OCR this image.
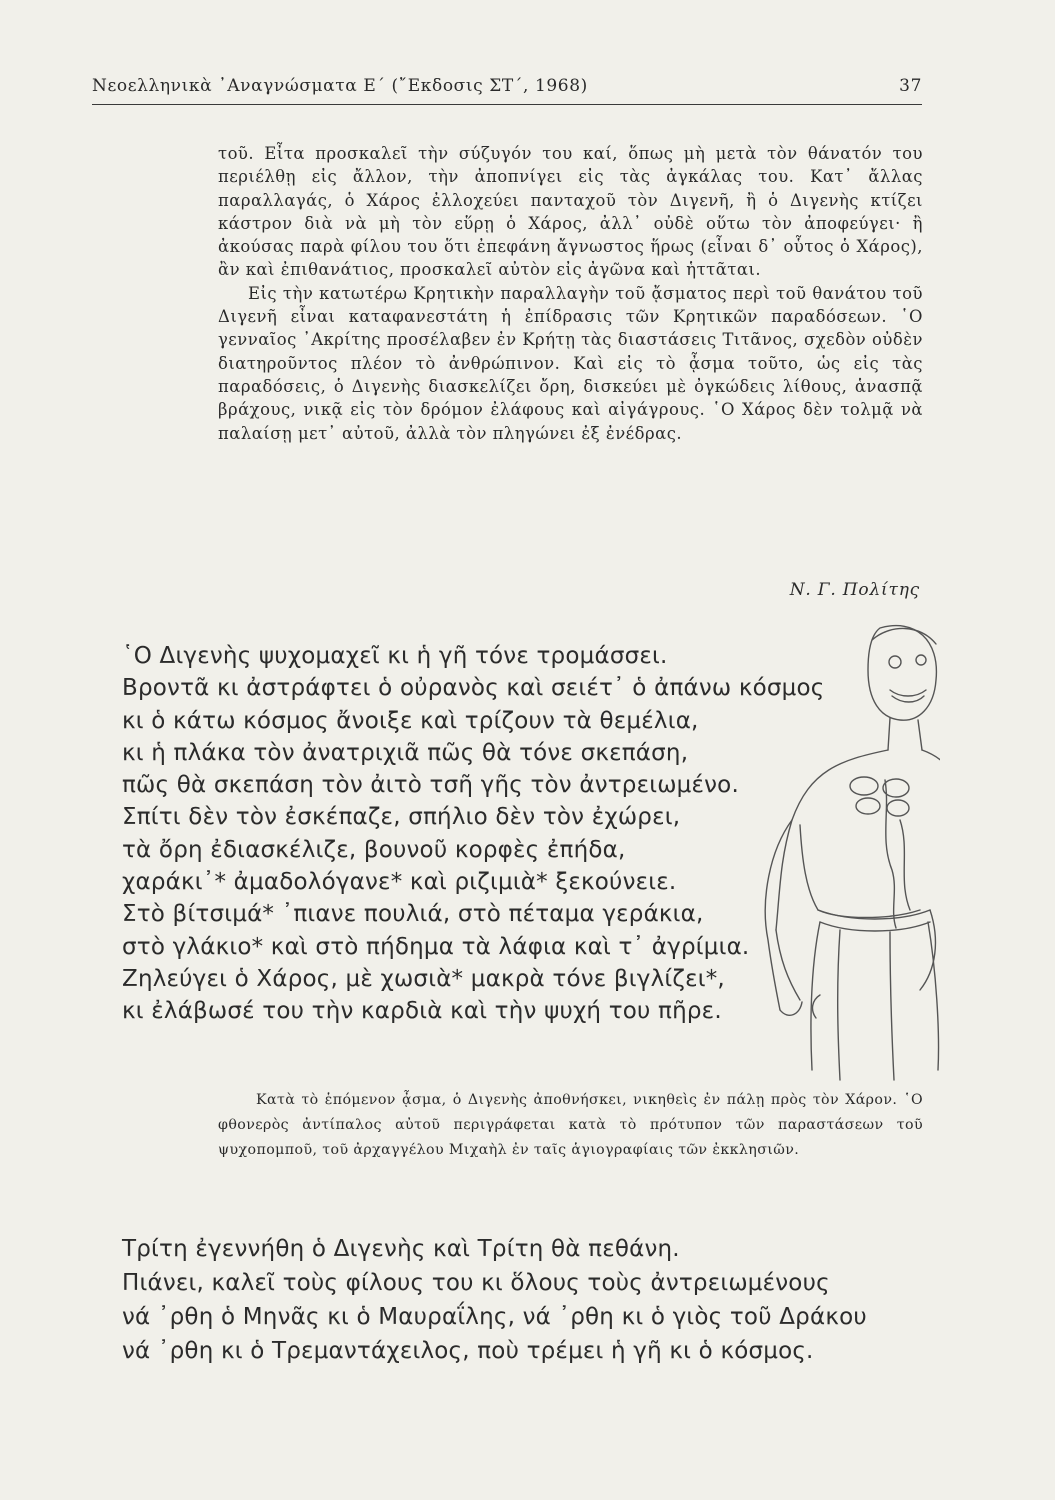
Νεοελληνικὰ ᾿Αναγνώσματα Ε΄ (῎Εκδοσις ΣΤ΄, 1968)	37

τοῦ. Εἶτα προσκαλεῖ τὴν σύζυγόν του καί, ὅπως μὴ μετὰ τὸν θάνατόν του περιέλθῃ εἰς ἄλλον, τὴν ἀποπνίγει εἰς τὰς ἀγκάλας του. Κατ᾿ ἄλλας παραλλαγάς, ὁ Χάρος ἐλλοχεύει πανταχοῦ τὸν Διγενῆ, ἢ ὁ Διγενὴς κτίζει κάστρον διὰ νὰ μὴ τὸν εὕρῃ ὁ Χάρος, ἀλλ᾿ οὐδὲ οὕτω τὸν ἀποφεύγει· ἢ ἀκούσας παρὰ φίλου του ὅτι ἐπεφάνη ἄγνωστος ἥρως (εἶναι δ᾿ οὗτος ὁ Χάρος), ἂν καὶ ἐπιθανάτιος, προσκαλεῖ αὐτὸν εἰς ἀγῶνα καὶ ἡττᾶται.

Εἰς τὴν κατωτέρω Κρητικὴν παραλλαγὴν τοῦ ᾄσματος περὶ τοῦ θανάτου τοῦ Διγενῆ εἶναι καταφανεστάτη ἡ ἐπίδρασις τῶν Κρητικῶν παραδόσεων. ῾Ο γενναῖος ᾿Ακρίτης προσέλαβεν ἐν Κρήτῃ τὰς διαστάσεις Τιτᾶνος, σχεδὸν οὐδὲν διατηροῦντος πλέον τὸ ἀνθρώπινον. Καὶ εἰς τὸ ᾆσμα τοῦτο, ὡς εἰς τὰς παραδόσεις, ὁ Διγενὴς διασκελίζει ὄρη, δισκεύει μὲ ὀγκώδεις λίθους, ἁνασπᾷ βράχους, νικᾷ εἰς τὸν δρόμον ἐλάφους καὶ αἰγάγρους. ῾Ο Χάρος δὲν τολμᾷ νὰ παλαίσῃ μετ᾿ αὐτοῦ, ἀλλὰ τὸν πληγώνει ἐξ ἐνέδρας.

Ν. Γ. Πολίτης
῾Ο Διγενὴς ψυχομαχεῖ κι ἡ γῆ τόνε τρομάσσει.
Βροντᾶ κι ἀστράφτει ὁ οὐρανὸς καὶ σειέτ᾿ ὁ ἀπάνω κόσμος
κι ὁ κάτω κόσμος ἄνοιξε καὶ τρίζουν τὰ θεμέλια,
κι ἡ πλάκα τὸν ἀνατριχιᾶ πῶς θὰ τόνε σκεπάση,
πῶς θὰ σκεπάση τὸν ἀιτὸ τσῆ γῆς τὸν ἀντρειωμένο.
Σπίτι δὲν τὸν ἐσκέπαζε, σπήλιο δὲν τὸν ἐχώρει,
τὰ ὄρη ἐδιασκέλιζε, βουνοῦ κορφὲς ἐπήδα,
χαράκι᾿* ἀμαδολόγανε* καὶ ριζιμιὰ* ξεκούνειε.
Στὸ βίτσιμά* ᾿πιανε πουλιά, στὸ πέταμα γεράκια,
στὸ γλάκιο* καὶ στὸ πήδημα τὰ λάφια καὶ τ᾿ ἀγρίμια.
Ζηλεύγει ὁ Χάρος, μὲ χωσιὰ* μακρὰ τόνε βιγλίζει*,
κι ἐλάβωσέ του τὴν καρδιὰ καὶ τὴν ψυχή του πῆρε.

Κατὰ τὸ ἑπόμενον ᾆσμα, ὁ Διγενὴς ἀποθνήσκει, νικηθεὶς ἐν πάλῃ πρὸς τὸν Χάρον. ῾Ο φθονερὸς ἀντίπαλος αὐτοῦ περιγράφεται κατὰ τὸ πρότυπον τῶν παραστάσεων τοῦ ψυχοπομποῦ, τοῦ ἀρχαγγέλου Μιχαὴλ ἐν ταῖς ἁγιογραφίαις τῶν ἐκκλησιῶν.

Τρίτη ἐγεννήθη ὁ Διγενὴς καὶ Τρίτη θὰ πεθάνη.
Πιάνει, καλεῖ τοὺς φίλους του κι ὅλους τοὺς ἀντρειωμένους
νά ᾿ρθη ὁ Μηνᾶς κι ὁ Μαυραΐλης, νά ᾿ρθη κι ὁ γιὸς τοῦ Δράκου
νά ᾿ρθη κι ὁ Τρεμαντάχειλος, ποὺ τρέμει ἡ γῆ κι ὁ κόσμος.
